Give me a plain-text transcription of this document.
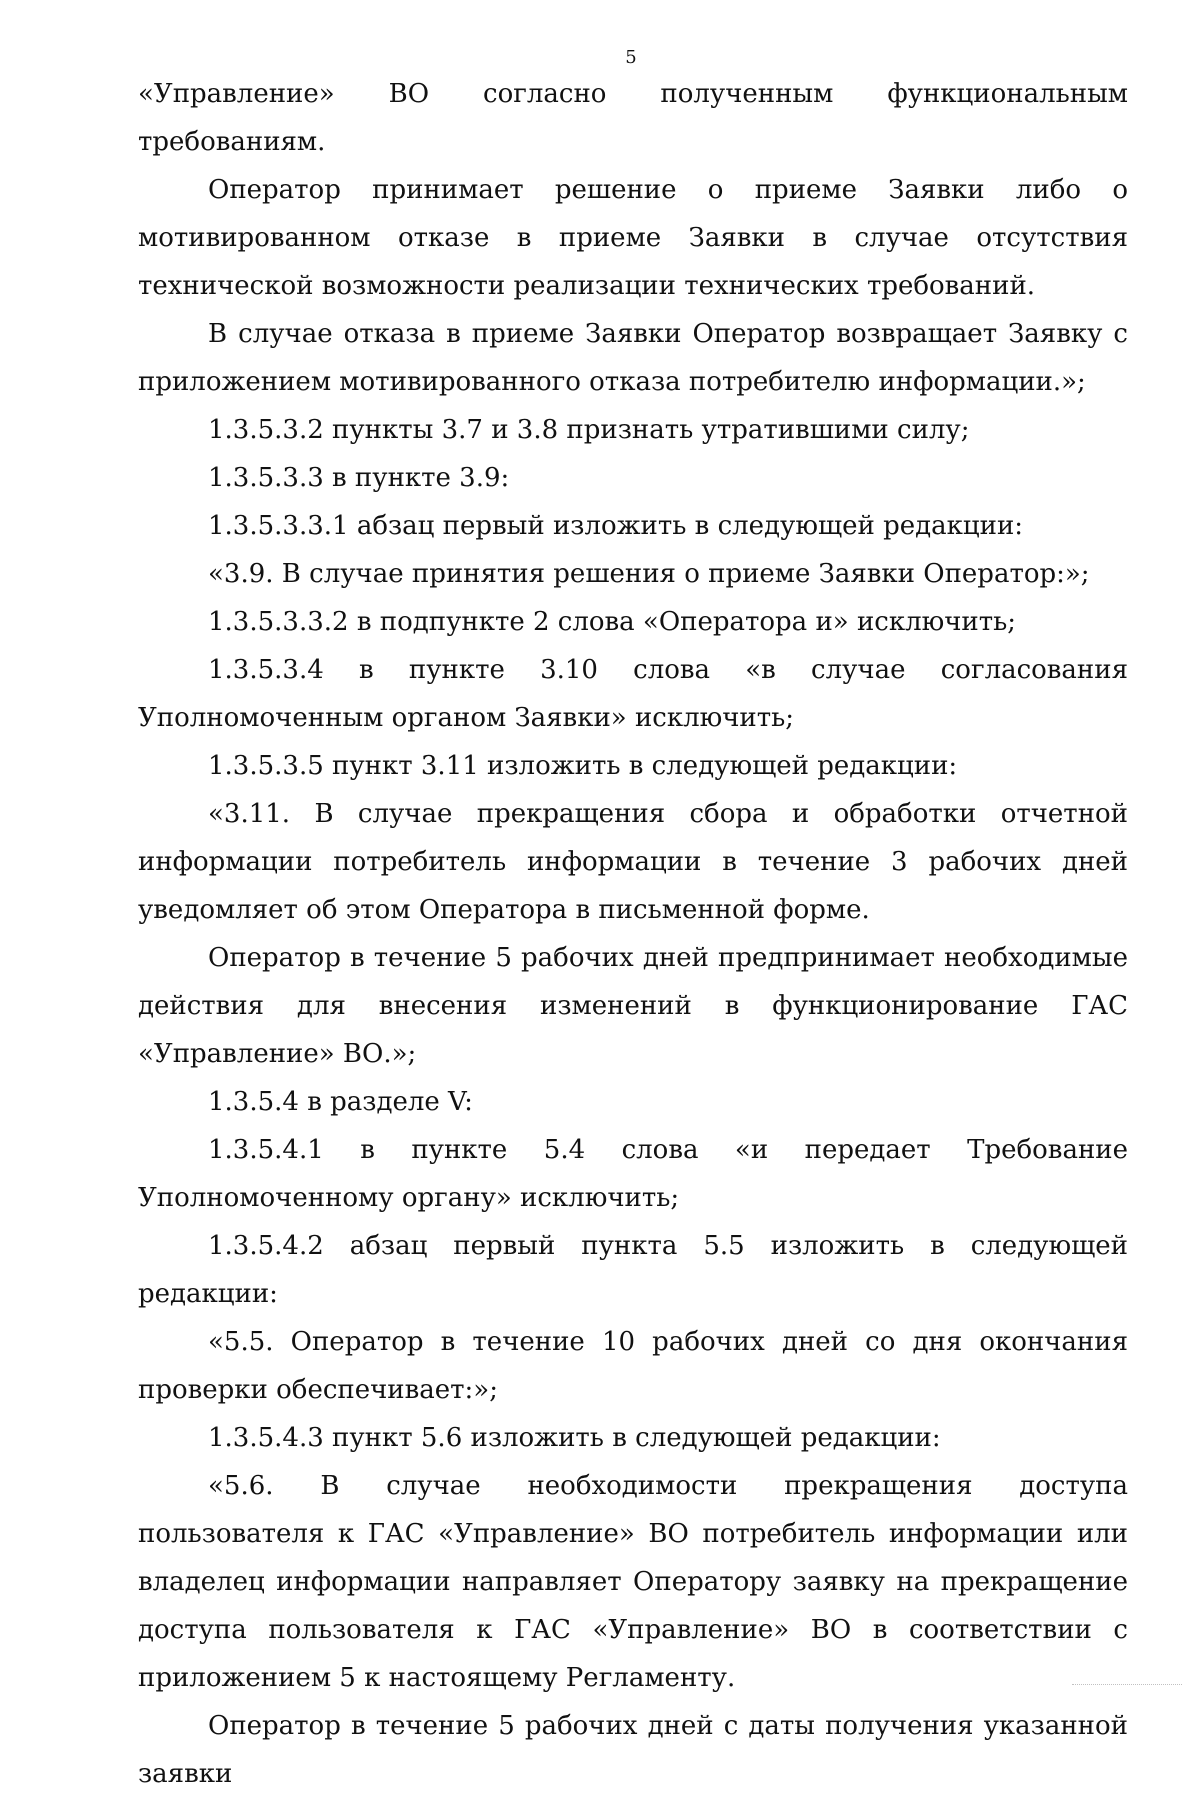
5

«Управление» ВО согласно полученным функциональным требованиям.

Оператор принимает решение о приеме Заявки либо о мотивированном отказе в приеме Заявки в случае отсутствия технической возможности реализации технических требований.

В случае отказа в приеме Заявки Оператор возвращает Заявку с приложением мотивированного отказа потребителю информации.»;

1.3.5.3.2 пункты 3.7 и 3.8 признать утратившими силу;

1.3.5.3.3 в пункте 3.9:

1.3.5.3.3.1 абзац первый изложить в следующей редакции:

«3.9. В случае принятия решения о приеме Заявки Оператор:»;

1.3.5.3.3.2 в подпункте 2 слова «Оператора и» исключить;

1.3.5.3.4 в пункте 3.10 слова «в случае согласования Уполномоченным органом Заявки» исключить;

1.3.5.3.5 пункт 3.11 изложить в следующей редакции:

«3.11. В случае прекращения сбора и обработки отчетной информации потребитель информации в течение 3 рабочих дней уведомляет об этом Оператора в письменной форме.

Оператор в течение 5 рабочих дней предпринимает необходимые действия для внесения изменений в функционирование ГАС «Управление» ВО.»;

1.3.5.4 в разделе V:

1.3.5.4.1 в пункте 5.4 слова «и передает Требование Уполномоченному органу» исключить;

1.3.5.4.2 абзац первый пункта 5.5 изложить в следующей редакции:

«5.5. Оператор в течение 10 рабочих дней со дня окончания проверки обеспечивает:»;

1.3.5.4.3 пункт 5.6 изложить в следующей редакции:

«5.6. В случае необходимости прекращения доступа пользователя к ГАС «Управление» ВО потребитель информации или владелец информации направляет Оператору заявку на прекращение доступа пользователя к ГАС «Управление» ВО в соответствии с приложением 5 к настоящему Регламенту.

Оператор в течение 5 рабочих дней с даты получения указанной заявки
